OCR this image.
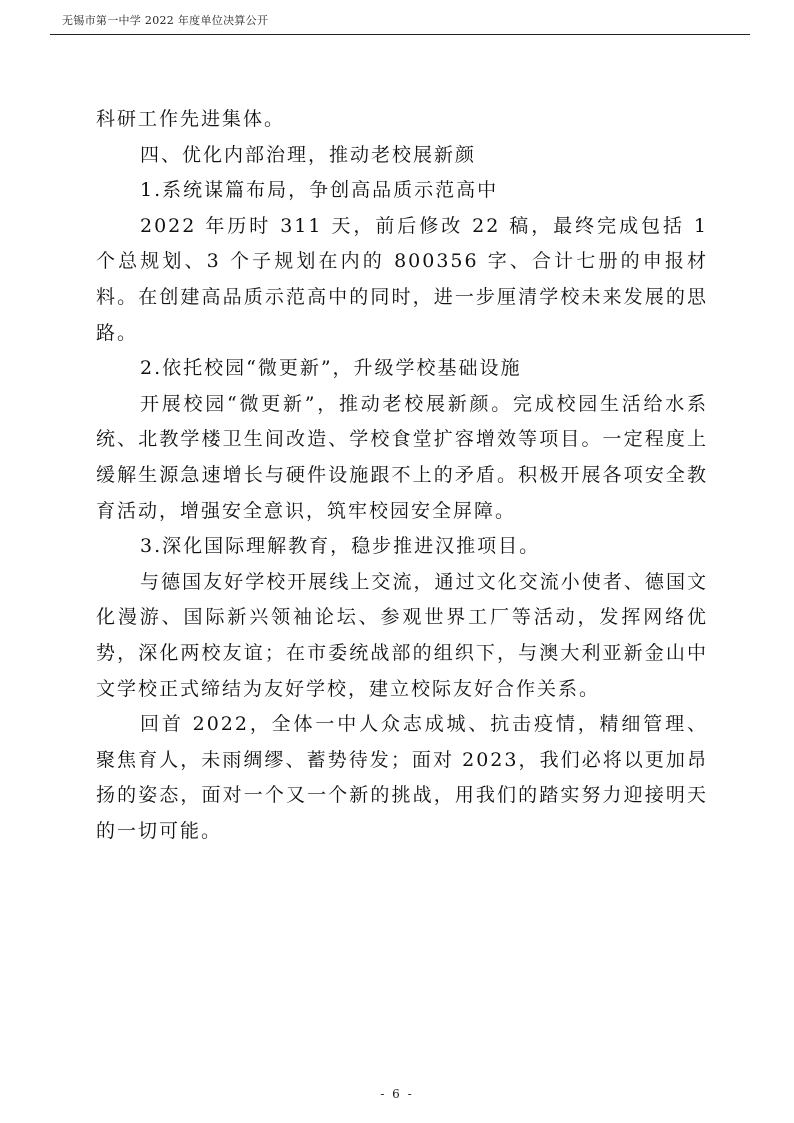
无锡市第一中学 2022 年度单位决算公开

科研工作先进集体。

四、优化内部治理，推动老校展新颜

1.系统谋篇布局，争创高品质示范高中

2022 年历时 311 天，前后修改 22 稿，最终完成包括 1 个总规划、3 个子规划在内的 800356 字、合计七册的申报材料。在创建高品质示范高中的同时，进一步厘清学校未来发展的思路。

2.依托校园“微更新”，升级学校基础设施

开展校园“微更新”，推动老校展新颜。完成校园生活给水系统、北教学楼卫生间改造、学校食堂扩容增效等项目。一定程度上缓解生源急速增长与硬件设施跟不上的矛盾。积极开展各项安全教育活动，增强安全意识，筑牢校园安全屏障。

3.深化国际理解教育，稳步推进汉推项目。

与德国友好学校开展线上交流，通过文化交流小使者、德国文化漫游、国际新兴领袖论坛、参观世界工厂等活动，发挥网络优势，深化两校友谊；在市委统战部的组织下，与澳大利亚新金山中文学校正式缔结为友好学校，建立校际友好合作关系。

回首 2022，全体一中人众志成城、抗击疫情，精细管理、聚焦育人，未雨绸缪、蓄势待发；面对 2023，我们必将以更加昂扬的姿态，面对一个又一个新的挑战，用我们的踏实努力迎接明天的一切可能。

- 6 -
